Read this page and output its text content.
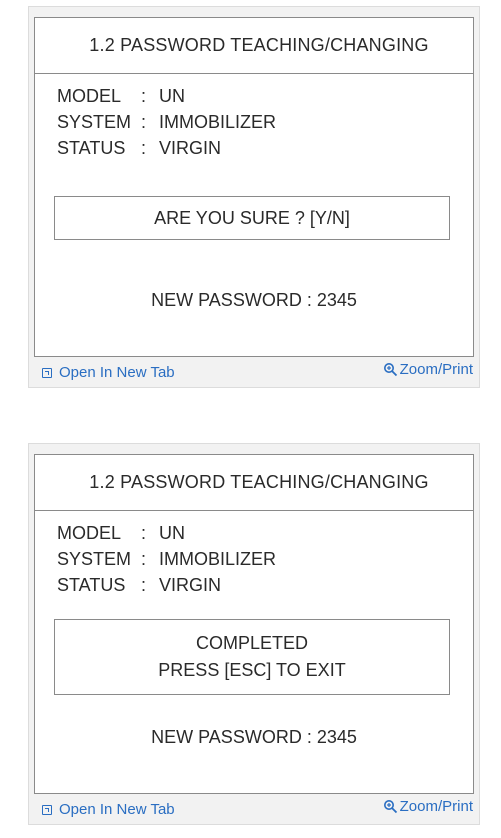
1.2 PASSWORD TEACHING/CHANGING
MODEL : UN
SYSTEM : IMMOBILIZER
STATUS : VIRGIN
ARE YOU SURE ? [Y/N]
NEW PASSWORD : 2345
Open In New Tab	Zoom/Print
1.2 PASSWORD TEACHING/CHANGING
MODEL : UN
SYSTEM : IMMOBILIZER
STATUS : VIRGIN
COMPLETED
PRESS [ESC] TO EXIT
NEW PASSWORD : 2345
Open In New Tab	Zoom/Print
